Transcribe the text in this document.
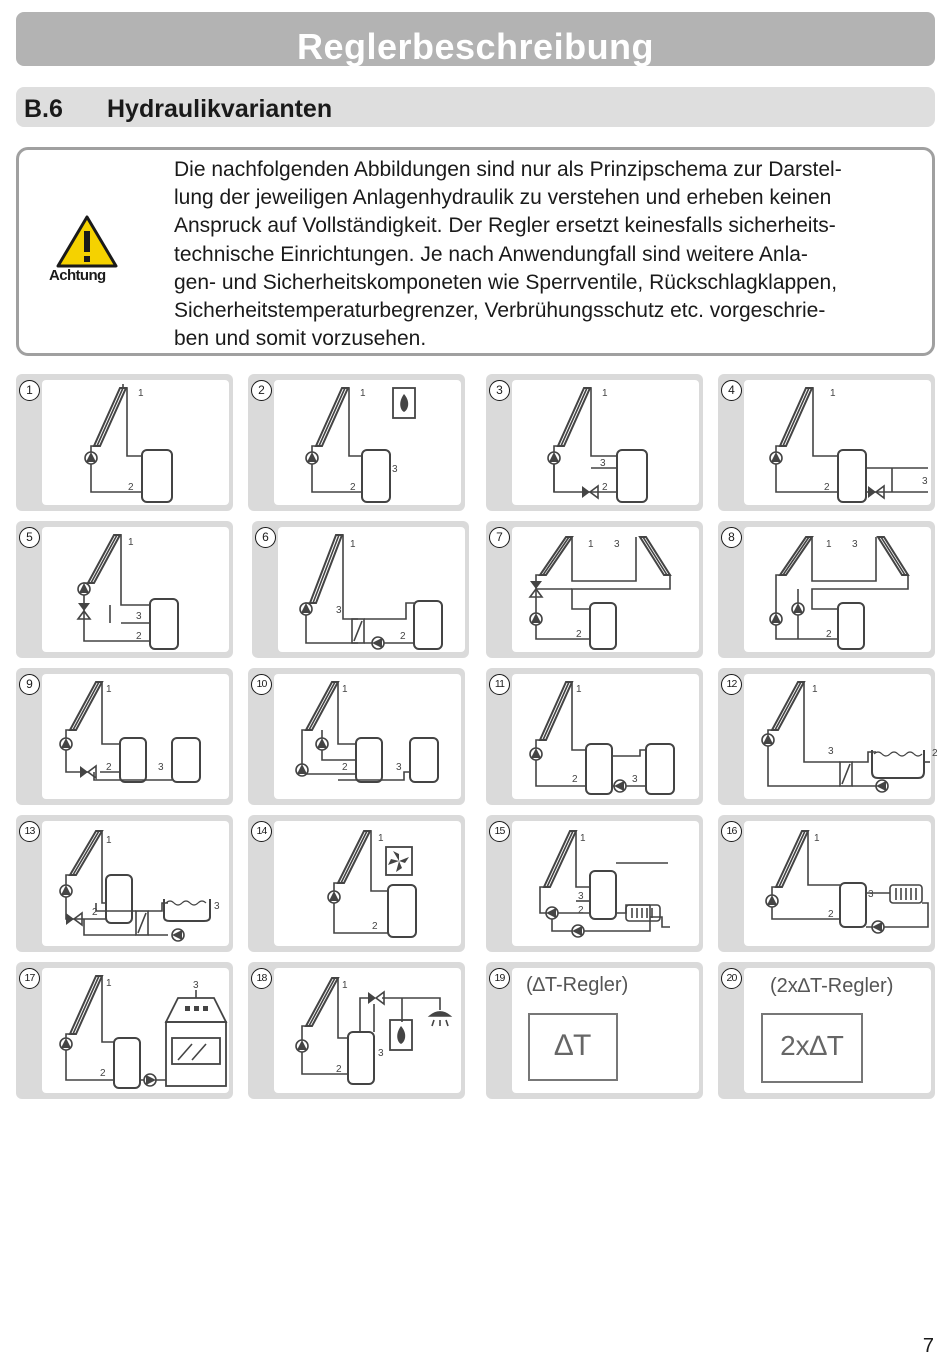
Reglerbeschreibung
B.6 Hydraulikvarianten
Achtung

Die nachfolgenden Abbildungen sind nur als Prinzipschema zur Darstel-
lung der jeweiligen Anlagenhydraulik zu verstehen und erheben keinen
Anspruck auf Vollständigkeit. Der Regler ersetzt keinesfalls sicherheits-
technische Einrichtungen. Je nach Anwendungfall sind weitere Anla-
gen- und Sicherheitskomponeten wie Sperrventile, Rückschlagklappen,
Sicherheitstemperaturbegrenzer, Verbrühungsschutz etc. vorgeschrie-
ben und somit vorzusehen.

1	1
2
2	1
3
2
3	1
3
2
4	1
3
2
5	1
3
2
6
1
3
2
7
1 3
2
8
1 3
2
9	1
2	3
10	1
2	3
11	1
2	3
12	1
3	2
13
1
2
3
14
1
2
15
1
3
2
16
1
3
2
17	1	3
2
18
1
3
2
19 (∆T-Regler)
∆T
20 (2x∆T-Regler)
2x∆T
7
